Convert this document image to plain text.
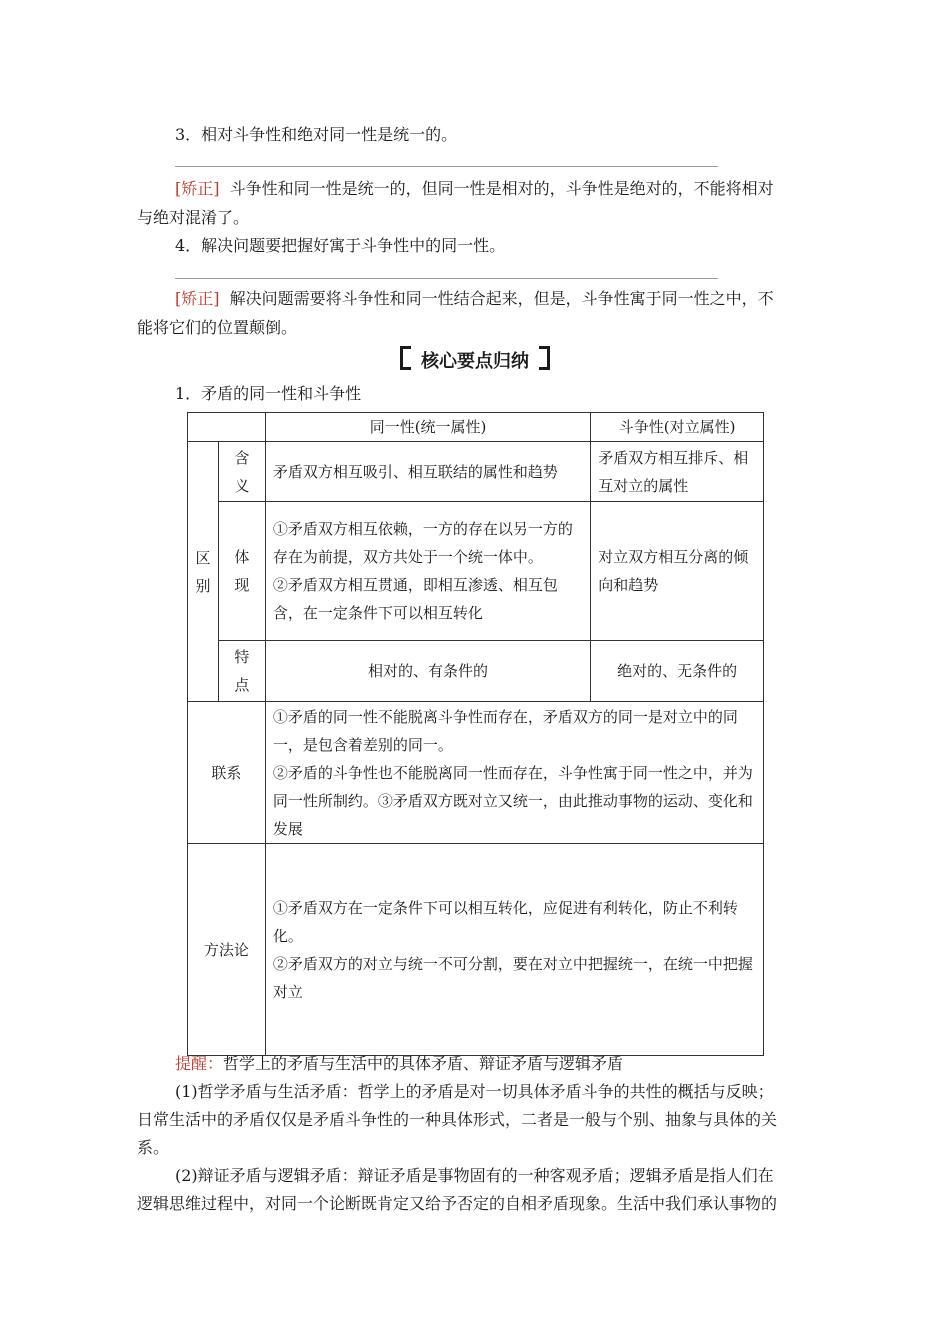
3．相对斗争性和绝对同一性是统一的。
[矫正] 斗争性和同一性是统一的，但同一性是相对的，斗争性是绝对的，不能将相对
与绝对混淆了。
4．解决问题要把握好寓于斗争性中的同一性。
[矫正] 解决问题需要将斗争性和同一性结合起来，但是，斗争性寓于同一性之中，不
能将它们的位置颠倒。
核心要点归纳
1．矛盾的同一性和斗争性
		同一性(统一属性)	斗争性(对立属性)

区别	含义	矛盾双方相互吸引、相互联结的属性和趋势	矛盾双方相互排斥、相互对立的属性

	体现	①矛盾双方相互依赖，一方的存在以另一方的存在为前提，双方共处于一个统一体中。
②矛盾双方相互贯通，即相互渗透、相互包含，在一定条件下可以相互转化	对立双方相互分离的倾向和趋势

	特点	相对的、有条件的	绝对的、无条件的
联系		①矛盾的同一性不能脱离斗争性而存在，矛盾双方的同一是对立中的同一，是包含着差别的同一。
②矛盾的斗争性也不能脱离同一性而存在，斗争性寓于同一性之中，并为同一性所制约。③矛盾双方既对立又统一，由此推动事物的运动、变化和发展	

方法论		①矛盾双方在一定条件下可以相互转化，应促进有利转化，防止不利转化。
②矛盾双方的对立与统一不可分割，要在对立中把握统一，在统一中把握对立	
提醒：哲学上的矛盾与生活中的具体矛盾、辩证矛盾与逻辑矛盾
(1)哲学矛盾与生活矛盾：哲学上的矛盾是对一切具体矛盾斗争的共性的概括与反映；
日常生活中的矛盾仅仅是矛盾斗争性的一种具体形式，二者是一般与个别、抽象与具体的关
系。
(2)辩证矛盾与逻辑矛盾：辩证矛盾是事物固有的一种客观矛盾；逻辑矛盾是指人们在
逻辑思维过程中，对同一个论断既肯定又给予否定的自相矛盾现象。生活中我们承认事物的
